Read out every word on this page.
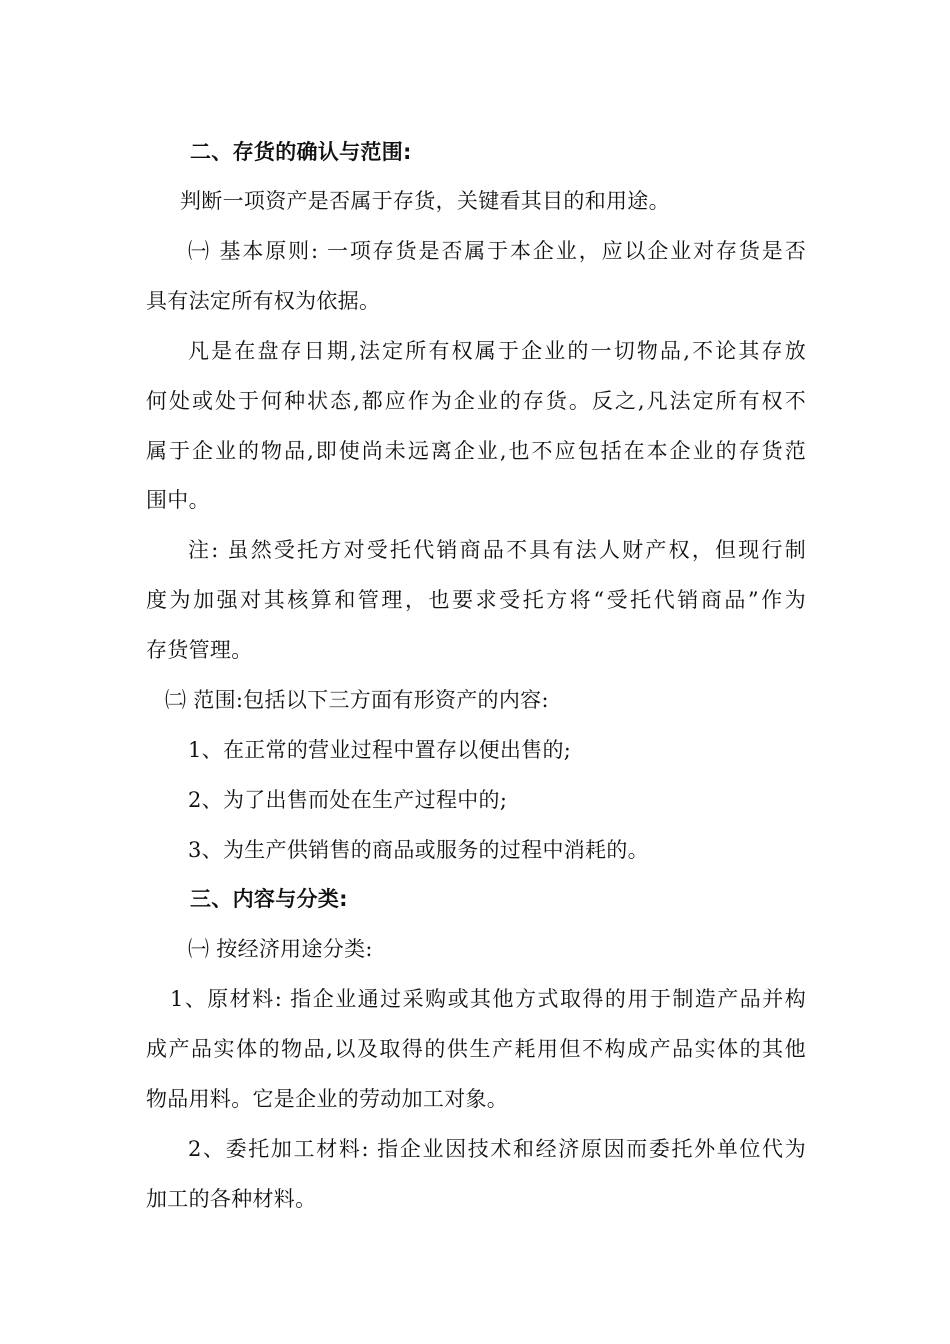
二、存货的确认与范围:
判断一项资产是否属于存货，关键看其目的和用途。
㈠ 基本原则: 一项存货是否属于本企业，应以企业对存货是否
具有法定所有权为依据。
凡是在盘存日期,法定所有权属于企业的一切物品,不论其存放
何处或处于何种状态,都应作为企业的存货。反之,凡法定所有权不
属于企业的物品,即使尚未远离企业,也不应包括在本企业的存货范
围中。
注: 虽然受托方对受托代销商品不具有法人财产权，但现行制
度为加强对其核算和管理，也要求受托方将“受托代销商品”作为
存货管理。
㈡ 范围:包括以下三方面有形资产的内容:
1、在正常的营业过程中置存以便出售的;
2、为了出售而处在生产过程中的;
3、为生产供销售的商品或服务的过程中消耗的。
三、内容与分类:
㈠ 按经济用途分类:
1、原材料: 指企业通过采购或其他方式取得的用于制造产品并构
成产品实体的物品,以及取得的供生产耗用但不构成产品实体的其他
物品用料。它是企业的劳动加工对象。
2、委托加工材料: 指企业因技术和经济原因而委托外单位代为
加工的各种材料。
